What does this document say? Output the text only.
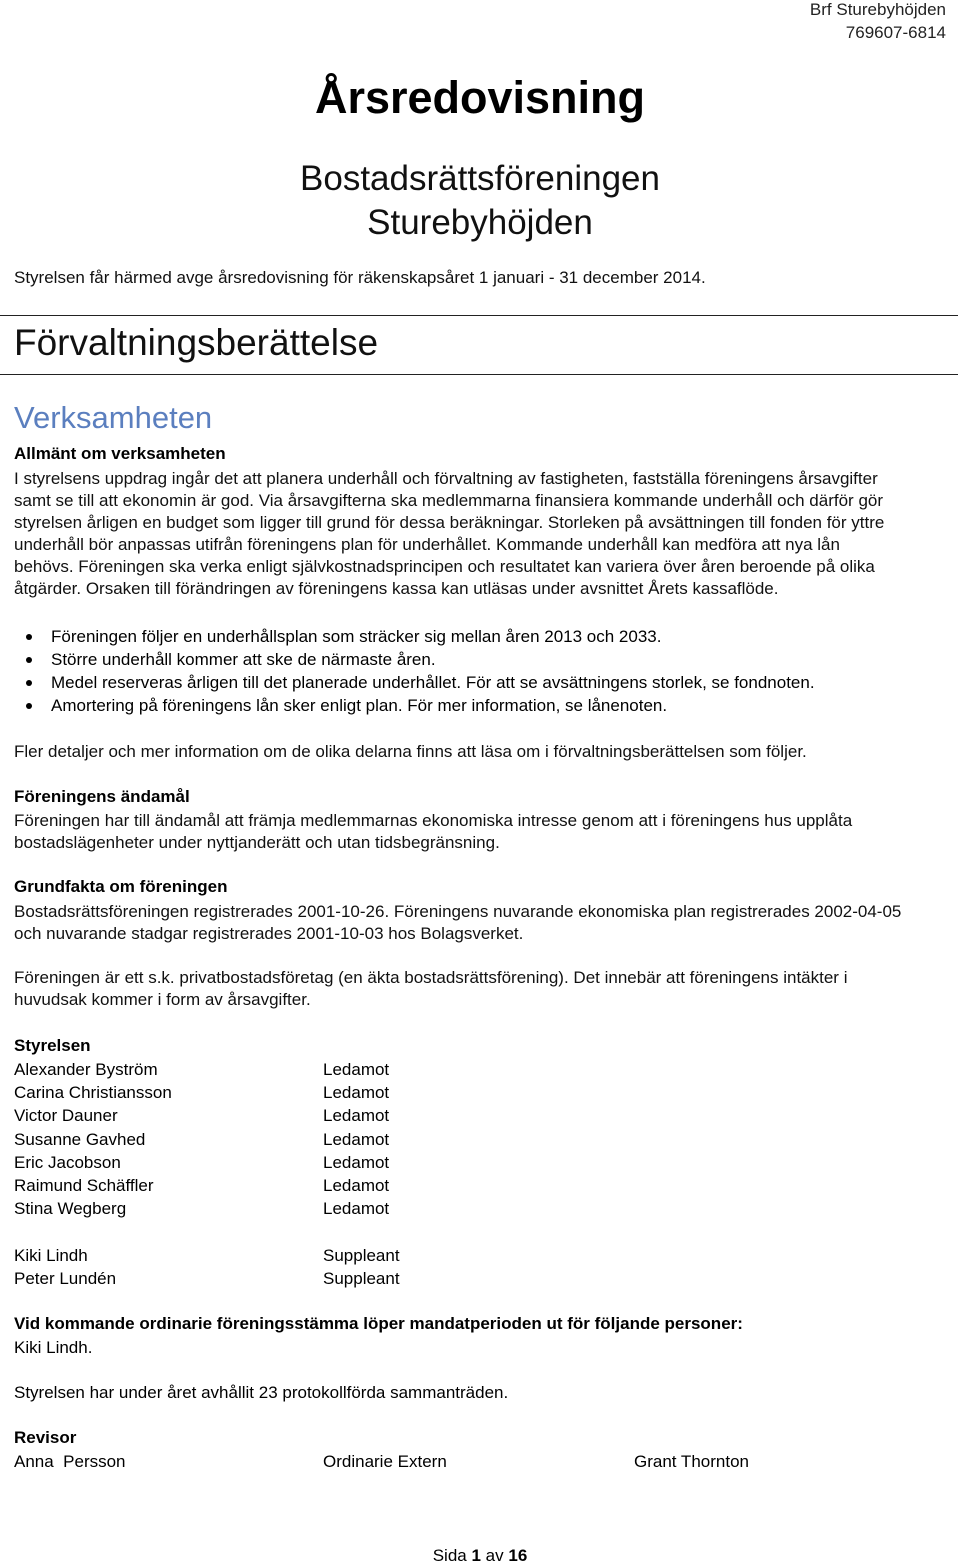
Brf Sturebyhöjden
769607-6814
Årsredovisning
Bostadsrättsföreningen
Sturebyhöjden
Styrelsen får härmed avge årsredovisning för räkenskapsåret 1 januari - 31 december 2014.
Förvaltningsberättelse
Verksamheten
Allmänt om verksamheten
I styrelsens uppdrag ingår det att planera underhåll och förvaltning av fastigheten, fastställa föreningens årsavgifter
samt se till att ekonomin är god. Via årsavgifterna ska medlemmarna finansiera kommande underhåll och därför gör
styrelsen årligen en budget som ligger till grund för dessa beräkningar. Storleken på avsättningen till fonden för yttre
underhåll bör anpassas utifrån föreningens plan för underhållet. Kommande underhåll kan medföra att nya lån
behövs. Föreningen ska verka enligt självkostnadsprincipen och resultatet kan variera över åren beroende på olika
åtgärder. Orsaken till förändringen av föreningens kassa kan utläsas under avsnittet Årets kassaflöde.
Föreningen följer en underhållsplan som sträcker sig mellan åren 2013 och 2033.
Större underhåll kommer att ske de närmaste åren.
Medel reserveras årligen till det planerade underhållet. För att se avsättningens storlek, se fondnoten.
Amortering på föreningens lån sker enligt plan. För mer information, se lånenoten.
Fler detaljer och mer information om de olika delarna finns att läsa om i förvaltningsberättelsen som följer.
Föreningens ändamål
Föreningen har till ändamål att främja medlemmarnas ekonomiska intresse genom att i föreningens hus upplåta
bostadslägenheter under nyttjanderätt och utan tidsbegränsning.
Grundfakta om föreningen
Bostadsrättsföreningen registrerades 2001-10-26. Föreningens nuvarande ekonomiska plan registrerades 2002-04-05
och nuvarande stadgar registrerades 2001-10-03 hos Bolagsverket.
Föreningen är ett s.k. privatbostadsföretag (en äkta bostadsrättsförening). Det innebär att föreningens intäkter i
huvudsak kommer i form av årsavgifter.
Styrelsen
Alexander Byström	Ledamot
Carina Christiansson	Ledamot
Victor Dauner	Ledamot
Susanne Gavhed	Ledamot
Eric Jacobson	Ledamot
Raimund Schäffler	Ledamot
Stina Wegberg	Ledamot
Kiki Lindh	Suppleant
Peter Lundén	Suppleant
Vid kommande ordinarie föreningsstämma löper mandatperioden ut för följande personer:
Kiki Lindh.
Styrelsen har under året avhållit 23 protokollförda sammanträden.
Revisor
Anna  Persson	Ordinarie Extern	Grant Thornton
Sida 1 av 16
